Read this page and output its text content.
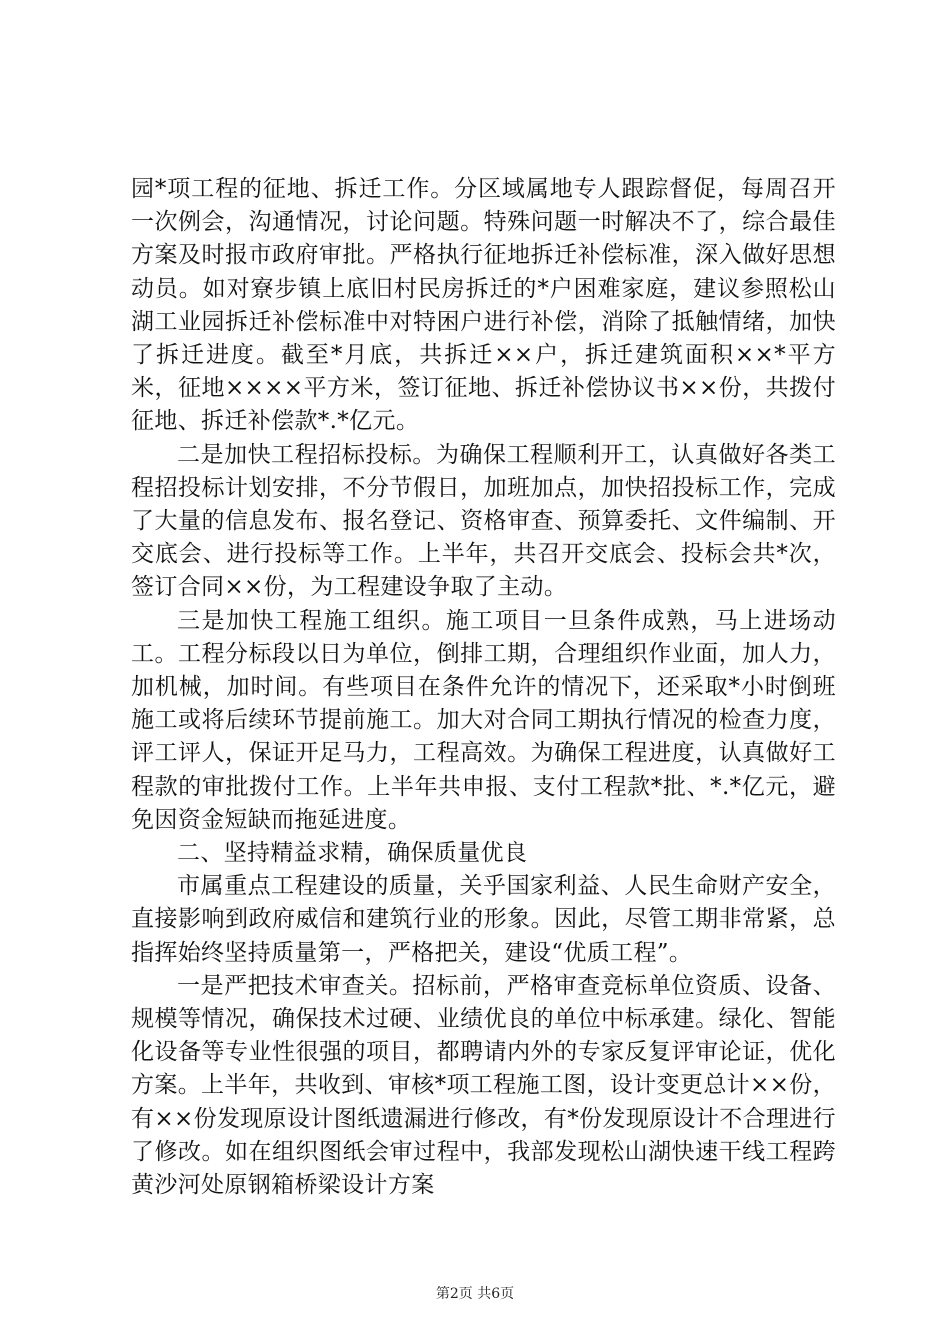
园*项工程的征地、拆迁工作。分区域属地专人跟踪督促，每周召开一次例会，沟通情况，讨论问题。特殊问题一时解决不了，综合最佳方案及时报市政府审批。严格执行征地拆迁补偿标准，深入做好思想动员。如对寮步镇上底旧村民房拆迁的*户困难家庭，建议参照松山湖工业园拆迁补偿标准中对特困户进行补偿，消除了抵触情绪，加快了拆迁进度。截至*月底，共拆迁××户，拆迁建筑面积××*平方米，征地××××平方米，签订征地、拆迁补偿协议书××份，共拨付征地、拆迁补偿款*.*亿元。

二是加快工程招标投标。为确保工程顺利开工，认真做好各类工程招投标计划安排，不分节假日，加班加点，加快招投标工作，完成了大量的信息发布、报名登记、资格审查、预算委托、文件编制、开交底会、进行投标等工作。上半年，共召开交底会、投标会共*次，签订合同××份，为工程建设争取了主动。

三是加快工程施工组织。施工项目一旦条件成熟，马上进场动工。工程分标段以日为单位，倒排工期，合理组织作业面，加人力，加机械，加时间。有些项目在条件允许的情况下，还采取*小时倒班施工或将后续环节提前施工。加大对合同工期执行情况的检查力度，评工评人，保证开足马力，工程高效。为确保工程进度，认真做好工程款的审批拨付工作。上半年共申报、支付工程款*批、*.*亿元，避免因资金短缺而拖延进度。

二、坚持精益求精，确保质量优良

市属重点工程建设的质量，关乎国家利益、人民生命财产安全，直接影响到政府威信和建筑行业的形象。因此，尽管工期非常紧，总指挥始终坚持质量第一，严格把关，建设“优质工程”。

一是严把技术审查关。招标前，严格审查竞标单位资质、设备、规模等情况，确保技术过硬、业绩优良的单位中标承建。绿化、智能化设备等专业性很强的项目，都聘请内外的专家反复评审论证，优化方案。上半年，共收到、审核*项工程施工图，设计变更总计××份，有××份发现原设计图纸遗漏进行修改，有*份发现原设计不合理进行了修改。如在组织图纸会审过程中，我部发现松山湖快速干线工程跨黄沙河处原钢箱桥梁设计方案

第2页 共6页
